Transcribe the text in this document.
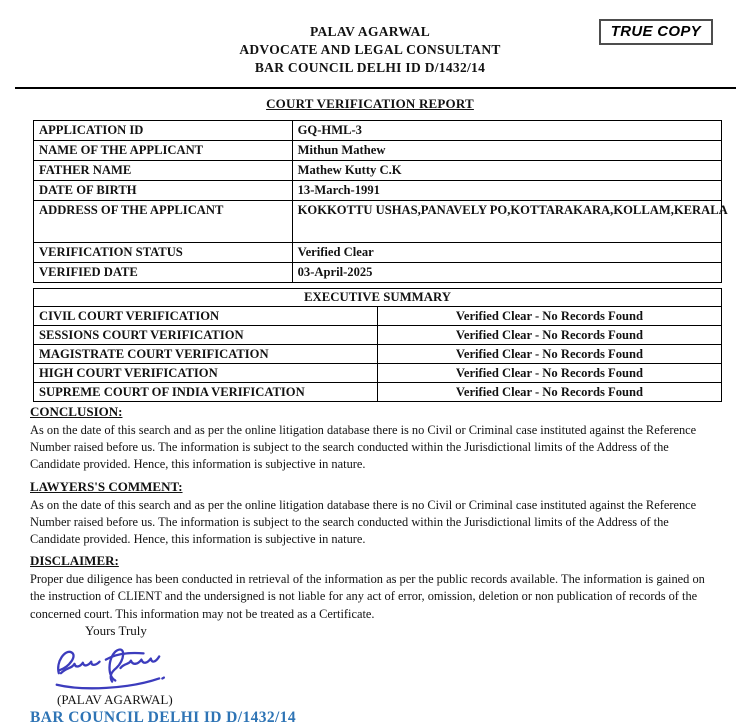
TRUE COPY
PALAV AGARWAL
ADVOCATE AND LEGAL CONSULTANT
BAR COUNCIL DELHI ID D/1432/14
COURT VERIFICATION REPORT
APPLICATION ID	GQ-HML-3
NAME OF THE APPLICANT	Mithun Mathew
FATHER NAME	Mathew Kutty C.K
DATE OF BIRTH	13-March-1991
ADDRESS OF THE APPLICANT	KOKKOTTU USHAS,PANAVELY PO,KOTTARAKARA,KOLLAM,KERALA
VERIFICATION STATUS	Verified Clear
VERIFIED DATE	03-April-2025
EXECUTIVE SUMMARY	
CIVIL COURT VERIFICATION	Verified Clear - No Records Found
SESSIONS COURT VERIFICATION	Verified Clear - No Records Found
MAGISTRATE COURT VERIFICATION	Verified Clear - No Records Found
HIGH COURT VERIFICATION	Verified Clear - No Records Found
SUPREME COURT OF INDIA VERIFICATION	Verified Clear - No Records Found
CONCLUSION:

As on the date of this search and as per the online litigation database there is no Civil or Criminal case instituted against the Reference Number raised before us. The information is subject to the search conducted within the Jurisdictional limits of the Address of the Candidate provided. Hence, this information is subjective in nature.

LAWYERS'S COMMENT:

As on the date of this search and as per the online litigation database there is no Civil or Criminal case instituted against the Reference Number raised before us. The information is subject to the search conducted within the Jurisdictional limits of the Address of the Candidate provided. Hence, this information is subjective in nature.

DISCLAIMER:

Proper due diligence has been conducted in retrieval of the information as per the public records available. The information is gained on the instruction of CLIENT and the undersigned is not liable for any act of error, omission, deletion or non publication of records of the concerned court. This information may not be treated as a Certificate.

Yours Truly
(PALAV AGARWAL)
BAR COUNCIL DELHI ID D/1432/14
